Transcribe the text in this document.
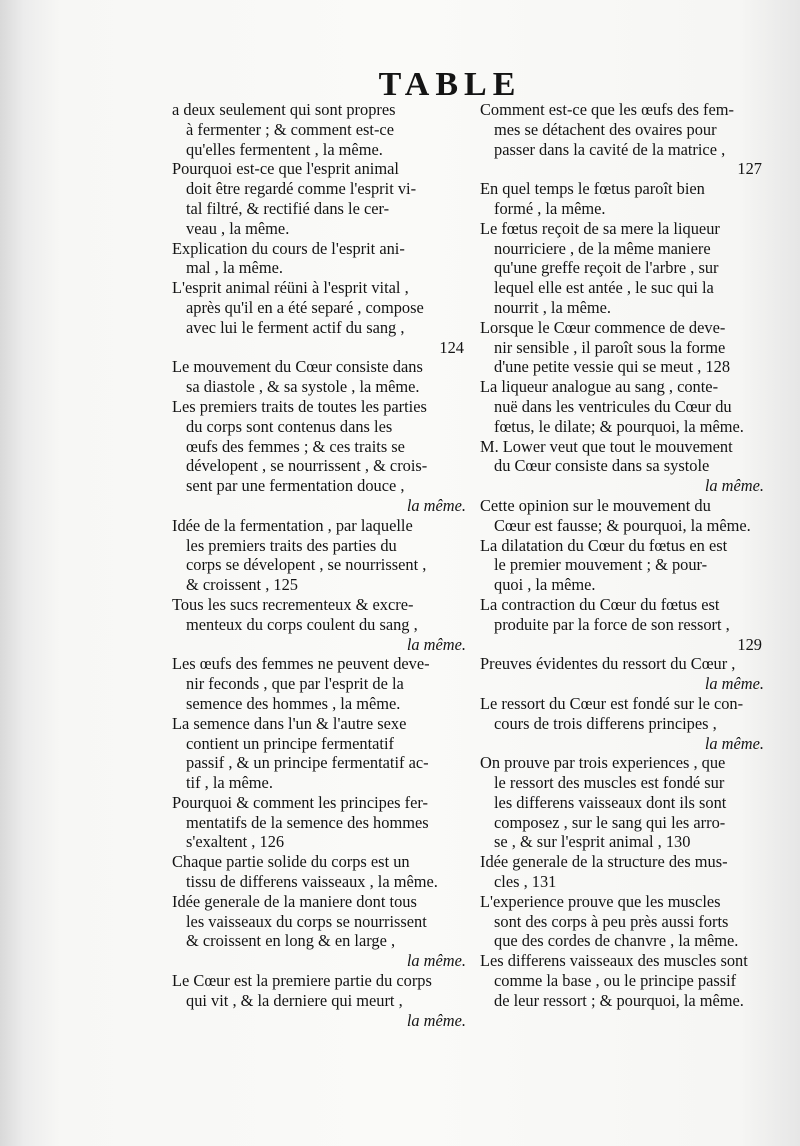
TABLE
a deux seulement qui sont propres
à fermenter ; & comment est-ce
qu'elles fermentent , la même.
Pourquoi est-ce que l'esprit animal
doit être regardé comme l'esprit vi-
tal filtré, & rectifié dans le cer-
veau , la même.
Explication du cours de l'esprit ani-
mal , la même.
L'esprit animal réüni à l'esprit vital ,
après qu'il en a été separé , compose
avec lui le ferment actif du sang ,
124
Le mouvement du Cœur consiste dans
sa diastole , & sa systole , la même.
Les premiers traits de toutes les parties
du corps sont contenus dans les
œufs des femmes ; & ces traits se
dévelopent , se nourrissent , & crois-
sent par une fermentation douce ,
la même.
Idée de la fermentation , par laquelle
les premiers traits des parties du
corps se dévelopent , se nourrissent ,
& croissent , 125
Tous les sucs recrementeux & excre-
menteux du corps coulent du sang ,
la même.
Les œufs des femmes ne peuvent deve-
nir feconds , que par l'esprit de la
semence des hommes , la même.
La semence dans l'un & l'autre sexe
contient un principe fermentatif
passif , & un principe fermentatif ac-
tif , la même.
Pourquoi & comment les principes fer-
mentatifs de la semence des hommes
s'exaltent , 126
Chaque partie solide du corps est un
tissu de differens vaisseaux , la même.
Idée generale de la maniere dont tous
les vaisseaux du corps se nourrissent
& croissent en long & en large ,
la même.
Le Cœur est la premiere partie du corps
qui vit , & la derniere qui meurt ,
la même.
Comment est-ce que les œufs des fem-
mes se détachent des ovaires pour
passer dans la cavité de la matrice ,
127
En quel temps le fœtus paroît bien
formé , la même.
Le fœtus reçoit de sa mere la liqueur
nourriciere , de la même maniere
qu'une greffe reçoit de l'arbre , sur
lequel elle est antée , le suc qui la
nourrit , la même.
Lorsque le Cœur commence de deve-
nir sensible , il paroît sous la forme
d'une petite vessie qui se meut , 128
La liqueur analogue au sang , conte-
nuë dans les ventricules du Cœur du
fœtus, le dilate; & pourquoi, la même.
M. Lower veut que tout le mouvement
du Cœur consiste dans sa systole
la même.
Cette opinion sur le mouvement du
Cœur est fausse; & pourquoi, la même.
La dilatation du Cœur du fœtus en est
le premier mouvement ; & pour-
quoi , la même.
La contraction du Cœur du fœtus est
produite par la force de son ressort ,
129
Preuves évidentes du ressort du Cœur ,
la même.
Le ressort du Cœur est fondé sur le con-
cours de trois differens principes ,
la même.
On prouve par trois experiences , que
le ressort des muscles est fondé sur
les differens vaisseaux dont ils sont
composez , sur le sang qui les arro-
se , & sur l'esprit animal , 130
Idée generale de la structure des mus-
cles , 131
L'experience prouve que les muscles
sont des corps à peu près aussi forts
que des cordes de chanvre , la même.
Les differens vaisseaux des muscles sont
comme la base , ou le principe passif
de leur ressort ; & pourquoi, la même.
